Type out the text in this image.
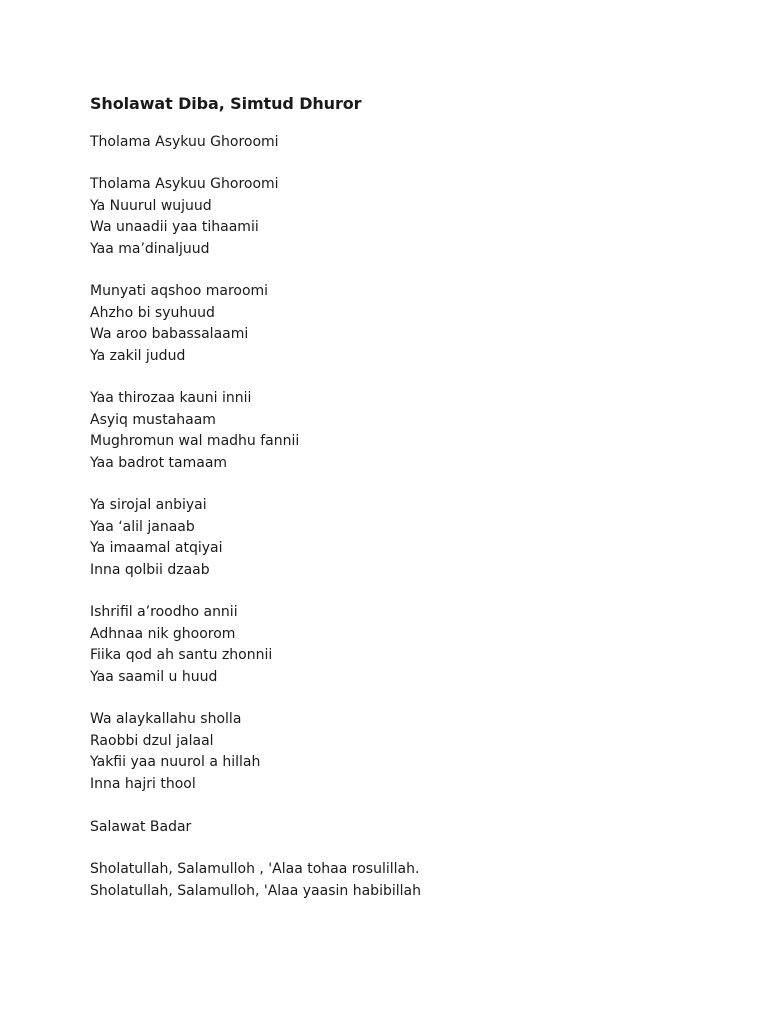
Sholawat Diba, Simtud Dhuror
Tholama Asykuu Ghoroomi
Tholama Asykuu Ghoroomi
Ya Nuurul wujuud
Wa unaadii yaa tihaamii
Yaa ma’dinaljuud
Munyati aqshoo maroomi
Ahzho bi syuhuud
Wa aroo babassalaami
Ya zakil judud
Yaa thirozaa kauni innii
Asyiq mustahaam
Mughromun wal madhu fannii
Yaa badrot tamaam
Ya sirojal anbiyai
Yaa ‘alil janaab
Ya imaamal atqiyai
Inna qolbii dzaab
Ishrifil a’roodho annii
Adhnaa nik ghoorom
Fiika qod ah santu zhonnii
Yaa saamil u huud
Wa alaykallahu sholla
Raobbi dzul jalaal
Yakfii yaa nuurol a hillah
Inna hajri thool
Salawat Badar
Sholatullah, Salamulloh , 'Alaa tohaa rosulillah.
Sholatullah, Salamulloh, 'Alaa yaasin habibillah
